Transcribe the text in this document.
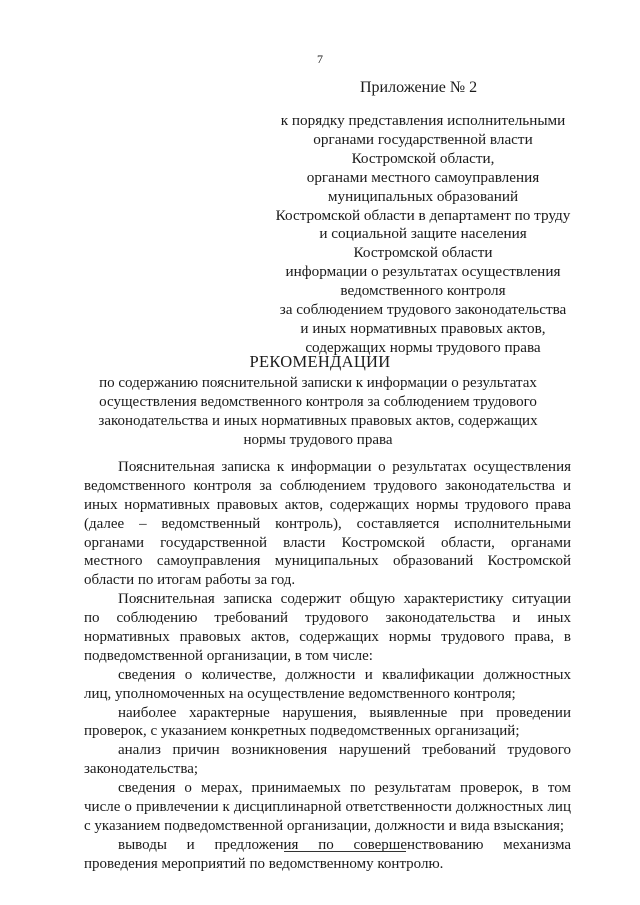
7
Приложение № 2
к порядку представления исполнительными
органами государственной власти
Костромской области,
органами местного самоуправления
муниципальных образований
Костромской области в департамент по труду
и социальной защите населения
Костромской области
информации о результатах осуществления
ведомственного контроля
за соблюдением трудового законодательства
и иных нормативных правовых актов,
содержащих нормы трудового права
РЕКОМЕНДАЦИИ
по содержанию пояснительной записки к информации о результатах
осуществления ведомственного контроля за соблюдением трудового
законодательства и иных нормативных правовых актов, содержащих
нормы трудового права
Пояснительная записка к информации о результатах осуществления
ведомственного контроля за соблюдением трудового законодательства и
иных нормативных правовых актов, содержащих нормы трудового права
(далее – ведомственный контроль), составляется исполнительными
органами государственной власти Костромской области, органами
местного самоуправления муниципальных образований Костромской
области по итогам работы за год.
Пояснительная записка содержит общую характеристику ситуации
по соблюдению требований трудового законодательства и иных
нормативных правовых актов, содержащих нормы трудового права, в
подведомственной организации, в том числе:
сведения о количестве, должности и квалификации должностных
лиц, уполномоченных на осуществление ведомственного контроля;
наиболее характерные нарушения, выявленные при проведении
проверок, с указанием конкретных подведомственных организаций;
анализ причин возникновения нарушений требований трудового
законодательства;
сведения о мерах, принимаемых по результатам проверок, в том
числе о привлечении к дисциплинарной ответственности должностных лиц
с указанием подведомственной организации, должности и вида взыскания;
выводы и предложения по совершенствованию механизма
проведения мероприятий по ведомственному контролю.
